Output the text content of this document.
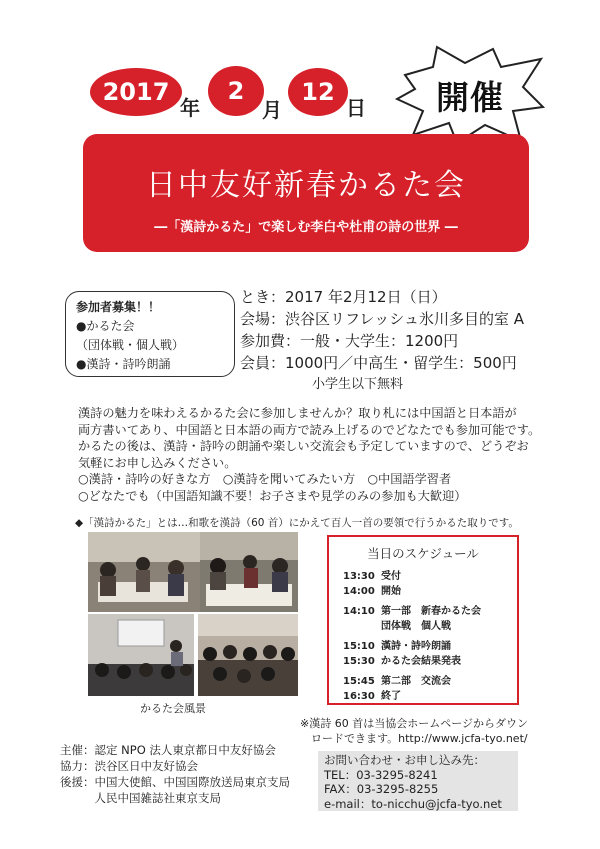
2017
年
2
月
12
日	開催
日中友好新春かるた会
―「漢詩かるた」で楽しむ李白や杜甫の詩の世界 ―
参加者募集！！
●かるた会
（団体戦・個人戦）
●漢詩・詩吟朗誦
とき：2017 年2月12日（日）
会場：渋谷区リフレッシュ氷川多目的室 A
参加費：一般・大学生：1200円
会員：1000円／中高生・留学生：500円
小学生以下無料
漢詩の魅力を味わえるかるた会に参加しませんか？取り札には中国語と日本語が
両方書いてあり、中国語と日本語の両方で読み上げるのでどなたでも参加可能です。
かるたの後は、漢詩・詩吟の朗誦や楽しい交流会も予定していますので、どうぞお
気軽にお申し込みください。
○漢詩・詩吟の好きな方　○漢詩を聞いてみたい方　○中国語学習者
○どなたでも（中国語知識不要！お子さまや見学のみの参加も大歓迎）
◆「漢詩かるた」とは…和歌を漢詩（60 首）にかえて百人一首の要領で行うかるた取りです。
かるた会風景
当日のスケジュール
13:30 受付
14:00 開始
14:10 第一部　新春かるた会
団体戦　個人戦
15:10 漢詩・詩吟朗誦
15:30 かるた会結果発表
15:45 第二部　交流会
16:30 終了
※漢詩 60 首は当協会ホームページからダウン
　ロードできます。http://www.jcfa-tyo.net/
主催：認定 NPO 法人東京都日中友好協会
協力：渋谷区日中友好協会
後援：中国大使館、中国国際放送局東京支局
　　　人民中国雑誌社東京支局
お問い合わせ・お申し込み先：
TEL：03-3295-8241
FAX：03-3295-8255
e-mail：to-nicchu@jcfa-tyo.net
